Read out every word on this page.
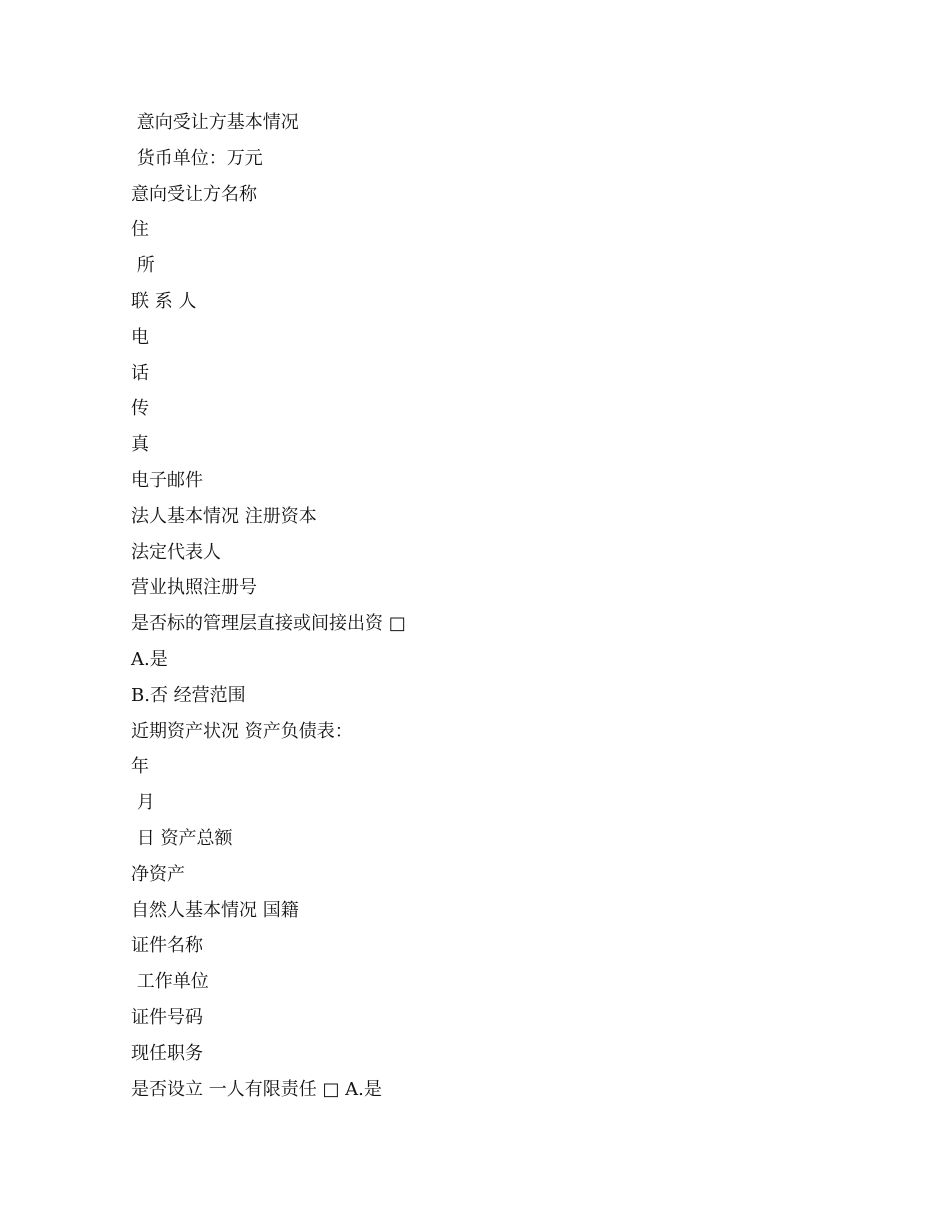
意向受让方基本情况
货币单位：万元
意向受让方名称
住
所
联 系 人
电
话
传
真
电子邮件
法人基本情况 注册资本
法定代表人
营业执照注册号
是否标的管理层直接或间接出资 □
A.是
B.否 经营范围
近期资产状况 资产负债表：
年
月
日 资产总额
净资产
自然人基本情况 国籍
证件名称
工作单位
证件号码
现任职务
是否设立 一人有限责任 □ A.是
